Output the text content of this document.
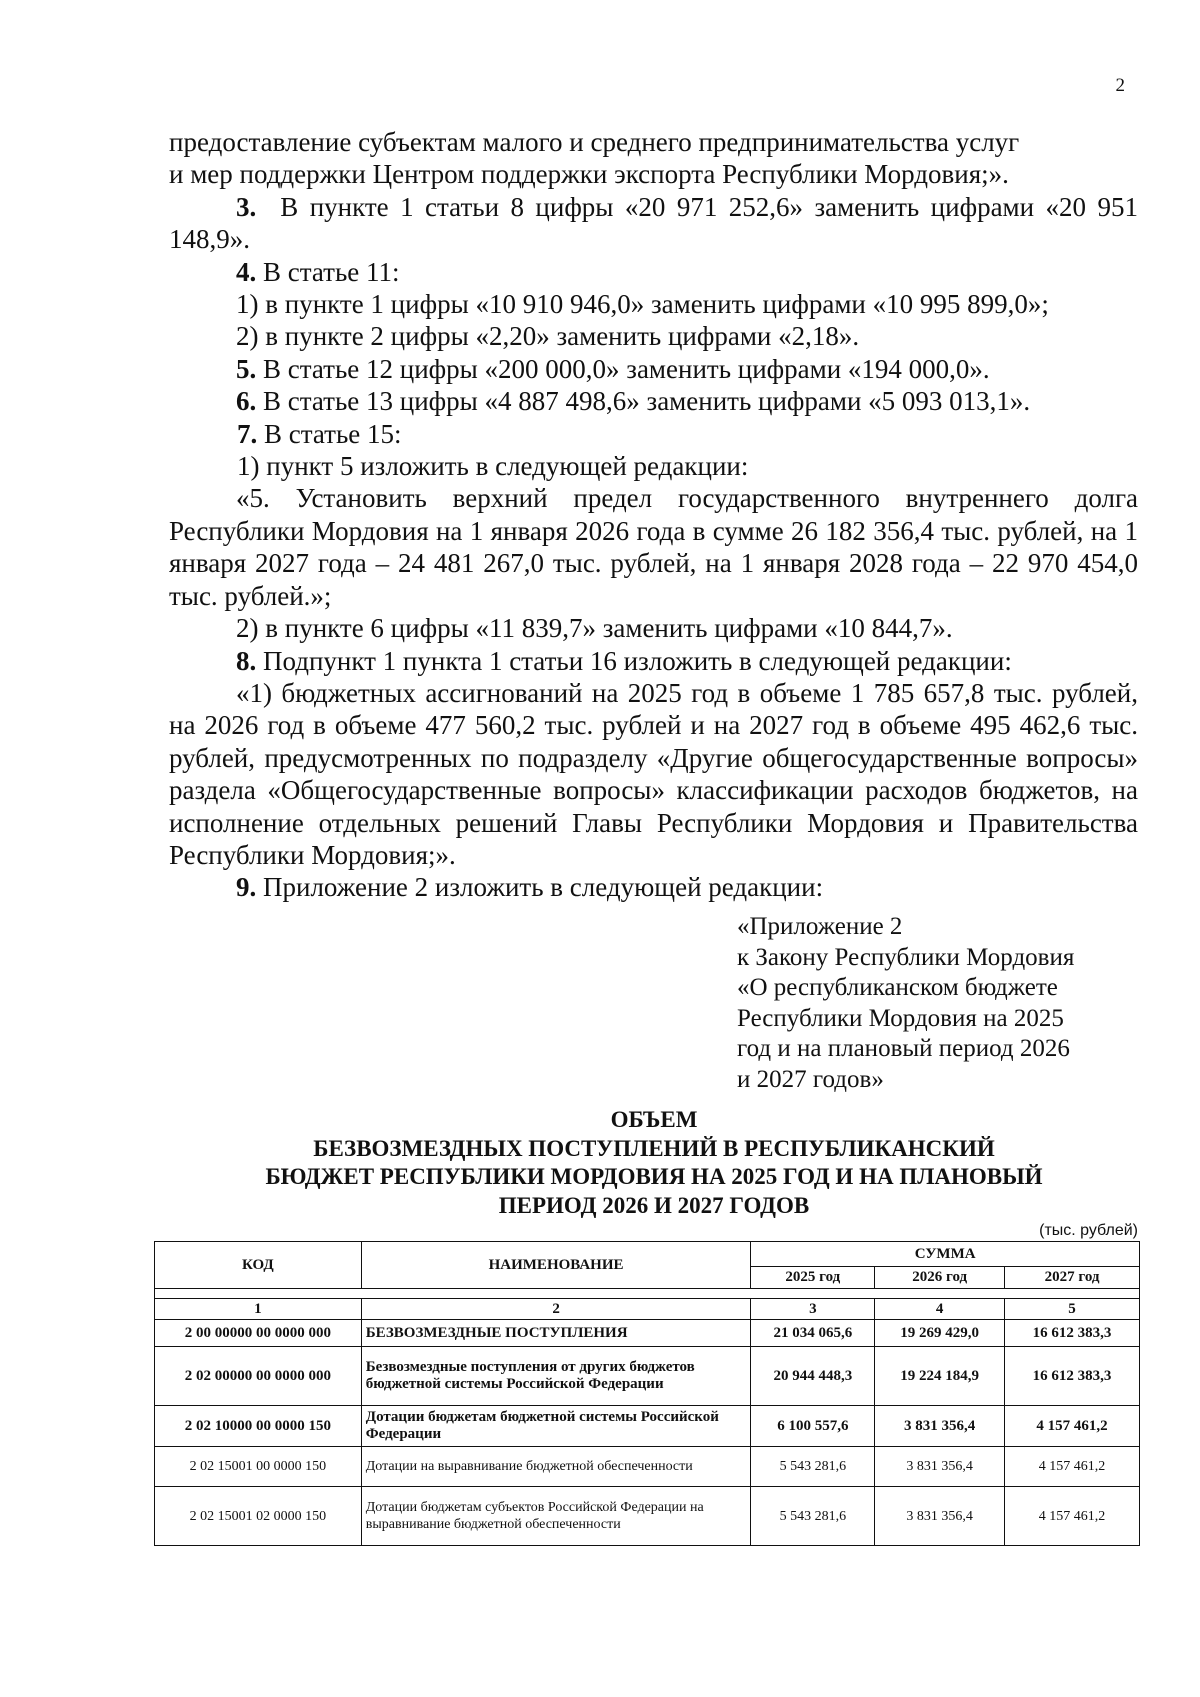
2

предоставление субъектам малого и среднего предпринимательства услуг
и мер поддержки Центром поддержки экспорта Республики Мордовия;».

3. В пункте 1 статьи 8 цифры «20 971 252,6» заменить цифрами «20 951 148,9».

4. В статье 11:

1) в пункте 1 цифры «10 910 946,0» заменить цифрами «10 995 899,0»;

2) в пункте 2 цифры «2,20» заменить цифрами «2,18».

5. В статье 12 цифры «200 000,0» заменить цифрами «194 000,0».

6. В статье 13 цифры «4 887 498,6» заменить цифрами «5 093 013,1».

7. В статье 15:

1) пункт 5 изложить в следующей редакции:

«5. Установить верхний предел государственного внутреннего долга Республики Мордовия на 1 января 2026 года в сумме 26 182 356,4 тыс. рублей, на 1 января 2027 года – 24 481 267,0 тыс. рублей, на 1 января 2028 года – 22 970 454,0 тыс. рублей.»;

2) в пункте 6 цифры «11 839,7» заменить цифрами «10 844,7».

8. Подпункт 1 пункта 1 статьи 16 изложить в следующей редакции:

«1) бюджетных ассигнований на 2025 год в объеме 1 785 657,8 тыс. рублей, на 2026 год в объеме 477 560,2 тыс. рублей и на 2027 год в объеме 495 462,6 тыс. рублей, предусмотренных по подразделу «Другие общегосударственные вопросы» раздела «Общегосударственные вопросы» классификации расходов бюджетов, на исполнение отдельных решений Главы Республики Мордовия и Правительства Республики Мордовия;».

9. Приложение 2 изложить в следующей редакции:

«Приложение 2

к Закону Республики Мордовия

«О республиканском бюджете

Республики Мордовия на 2025

год и на плановый период 2026

и 2027 годов»

ОБЪЕМ

БЕЗВОЗМЕЗДНЫХ ПОСТУПЛЕНИЙ В РЕСПУБЛИКАНСКИЙ

БЮДЖЕТ РЕСПУБЛИКИ МОРДОВИЯ НА 2025 ГОД И НА ПЛАНОВЫЙ

ПЕРИОД 2026 И 2027 ГОДОВ

(тыс. рублей)
КОД	НАИМЕНОВАНИЕ	СУММА		
		2025 год	2026 год	2027 год

1	2	3	4	5
2 00 00000 00 0000 000	БЕЗВОЗМЕЗДНЫЕ ПОСТУПЛЕНИЯ	21 034 065,6	19 269 429,0	16 612 383,3
2 02 00000 00 0000 000	Безвозмездные поступления от других бюджетов бюджетной системы Российской Федерации	20 944 448,3	19 224 184,9	16 612 383,3
2 02 10000 00 0000 150	Дотации бюджетам бюджетной системы Российской Федерации	6 100 557,6	3 831 356,4	4 157 461,2
2 02 15001 00 0000 150	Дотации на выравнивание бюджетной обеспеченности	5 543 281,6	3 831 356,4	4 157 461,2
2 02 15001 02 0000 150	Дотации бюджетам субъектов Российской Федерации на выравнивание бюджетной обеспеченности	5 543 281,6	3 831 356,4	4 157 461,2
